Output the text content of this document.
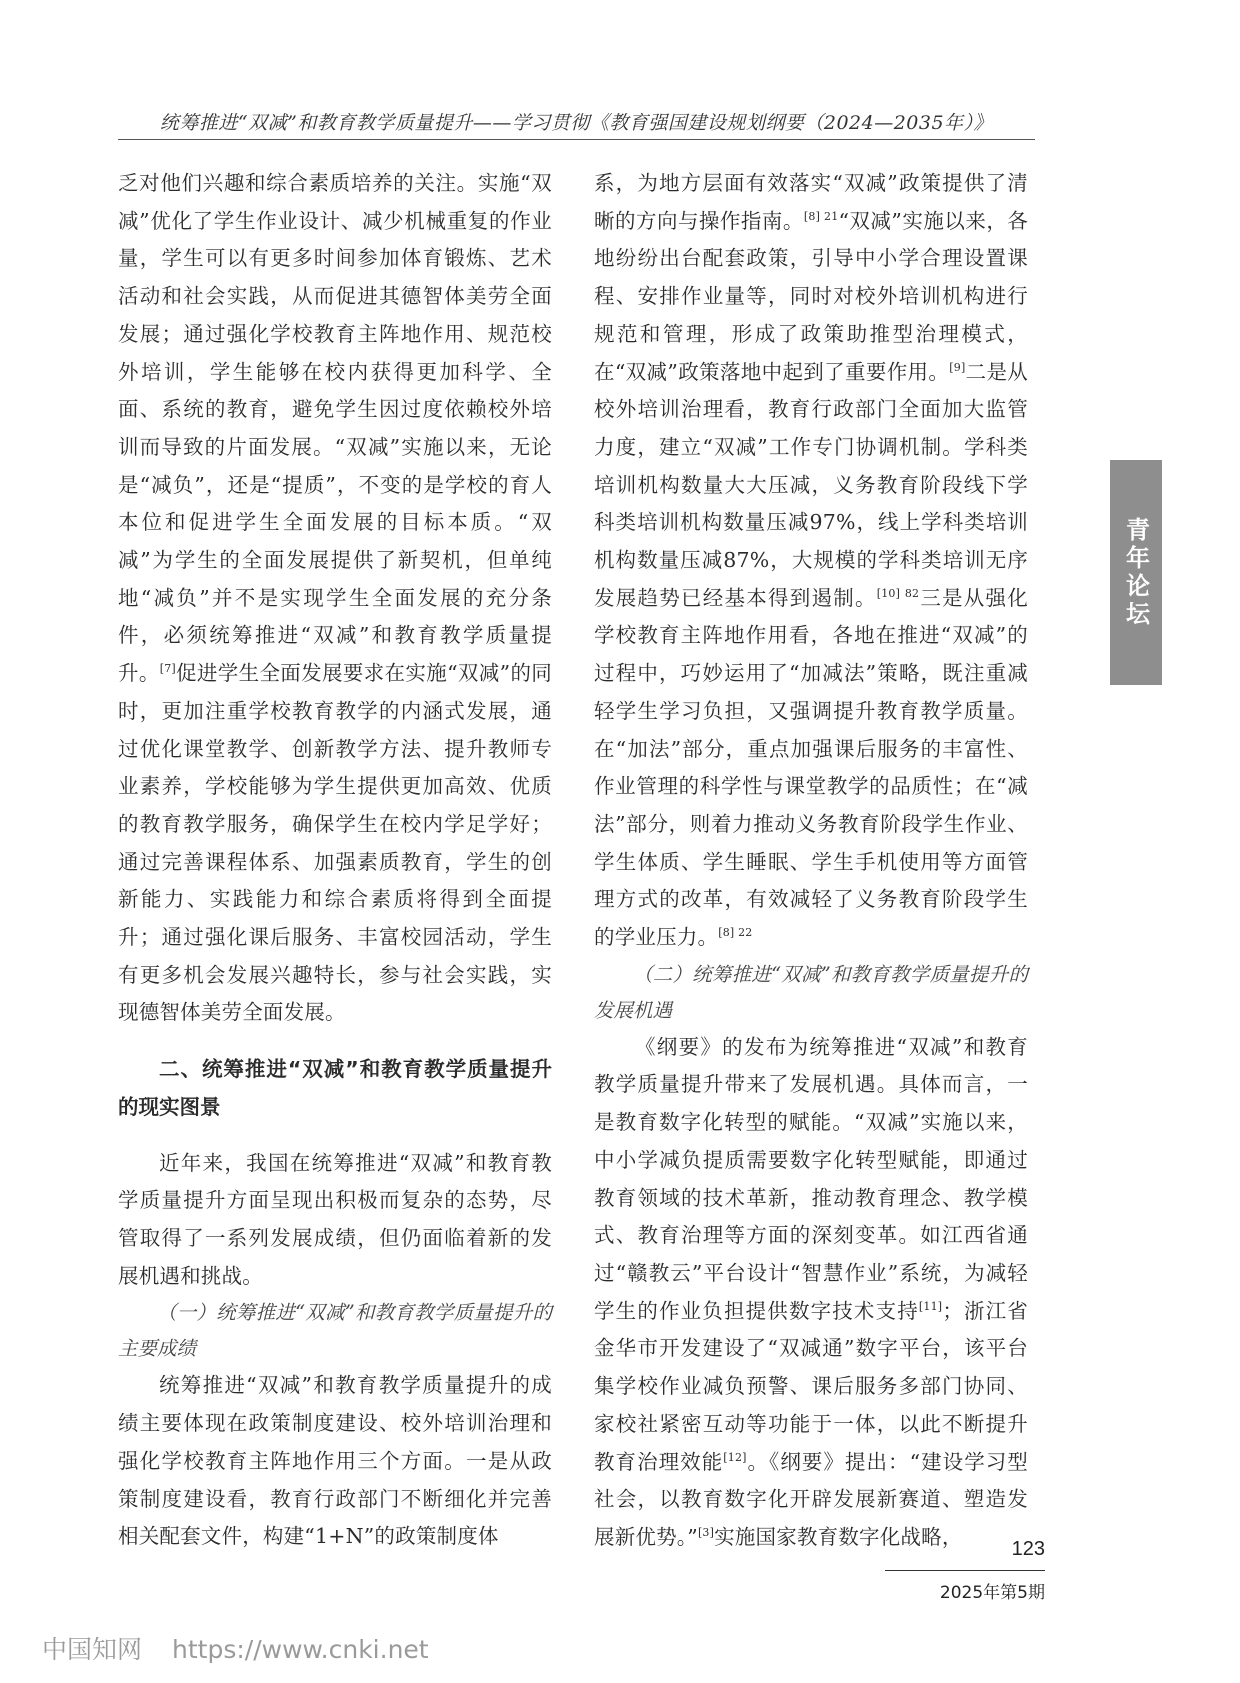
统筹推进“双减”和教育教学质量提升——学习贯彻《教育强国建设规划纲要（2024—2035年）》

乏对他们兴趣和综合素质培养的关注。实施“双减”优化了学生作业设计、减少机械重复的作业量，学生可以有更多时间参加体育锻炼、艺术活动和社会实践，从而促进其德智体美劳全面发展；通过强化学校教育主阵地作用、规范校外培训，学生能够在校内获得更加科学、全面、系统的教育，避免学生因过度依赖校外培训而导致的片面发展。“双减”实施以来，无论是“减负”，还是“提质”，不变的是学校的育人本位和促进学生全面发展的目标本质。“双减”为学生的全面发展提供了新契机，但单纯地“减负”并不是实现学生全面发展的充分条件，必须统筹推进“双减”和教育教学质量提升。[7]促进学生全面发展要求在实施“双减”的同时，更加注重学校教育教学的内涵式发展，通过优化课堂教学、创新教学方法、提升教师专业素养，学校能够为学生提供更加高效、优质的教育教学服务，确保学生在校内学足学好；通过完善课程体系、加强素质教育，学生的创新能力、实践能力和综合素质将得到全面提升；通过强化课后服务、丰富校园活动，学生有更多机会发展兴趣特长，参与社会实践，实现德智体美劳全面发展。

二、统筹推进“双减”和教育教学质量提升的现实图景

近年来，我国在统筹推进“双减”和教育教学质量提升方面呈现出积极而复杂的态势，尽管取得了一系列发展成绩，但仍面临着新的发展机遇和挑战。

（一）统筹推进“双减”和教育教学质量提升的主要成绩

统筹推进“双减”和教育教学质量提升的成绩主要体现在政策制度建设、校外培训治理和强化学校教育主阵地作用三个方面。一是从政策制度建设看，教育行政部门不断细化并完善相关配套文件，构建“1+N”的政策制度体

系，为地方层面有效落实“双减”政策提供了清晰的方向与操作指南。$^{[8] 21}$“双减”实施以来，各地纷纷出台配套政策，引导中小学合理设置课程、安排作业量等，同时对校外培训机构进行规范和管理，形成了政策助推型治理模式，在“双减”政策落地中起到了重要作用。[9]二是从校外培训治理看，教育行政部门全面加大监管力度，建立“双减”工作专门协调机制。学科类培训机构数量大大压减，义务教育阶段线下学科类培训机构数量压减97%，线上学科类培训机构数量压减87%，大规模的学科类培训无序发展趋势已经基本得到遏制。$^{[10] 82}$三是从强化学校教育主阵地作用看，各地在推进“双减”的过程中，巧妙运用了“加减法”策略，既注重减轻学生学习负担，又强调提升教育教学质量。在“加法”部分，重点加强课后服务的丰富性、作业管理的科学性与课堂教学的品质性；在“减法”部分，则着力推动义务教育阶段学生作业、学生体质、学生睡眠、学生手机使用等方面管理方式的改革，有效减轻了义务教育阶段学生的学业压力。$^{[8] 22}$

（二）统筹推进“双减”和教育教学质量提升的发展机遇

《纲要》的发布为统筹推进“双减”和教育教学质量提升带来了发展机遇。具体而言，一是教育数字化转型的赋能。“双减”实施以来，中小学减负提质需要数字化转型赋能，即通过教育领域的技术革新，推动教育理念、教学模式、教育治理等方面的深刻变革。如江西省通过“赣教云”平台设计“智慧作业”系统，为减轻学生的作业负担提供数字技术支持[11]；浙江省金华市开发建设了“双减通”数字平台，该平台集学校作业减负预警、课后服务多部门协同、家校社紧密互动等功能于一体，以此不断提升教育治理效能[12]。《纲要》提出：“建设学习型社会，以教育数字化开辟发展新赛道、塑造发展新优势。”[3]实施国家教育数字化战略，

青年论坛
123
2025年第5期
中国知网 https://www.cnki.net
